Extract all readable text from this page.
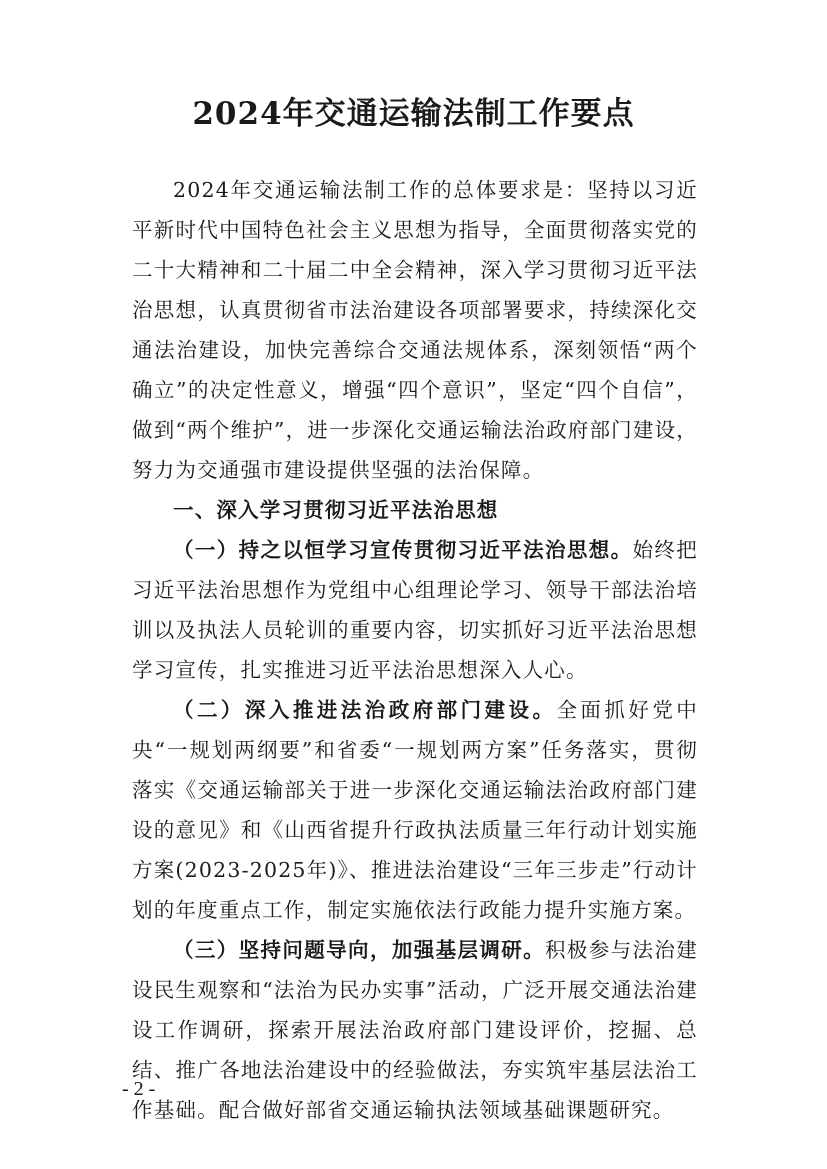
2024年交通运输法制工作要点

2024年交通运输法制工作的总体要求是：坚持以习近平新时代中国特色社会主义思想为指导，全面贯彻落实党的二十大精神和二十届二中全会精神，深入学习贯彻习近平法治思想，认真贯彻省市法治建设各项部署要求，持续深化交通法治建设，加快完善综合交通法规体系，深刻领悟“两个确立”的决定性意义，增强“四个意识”，坚定“四个自信”，做到“两个维护”，进一步深化交通运输法治政府部门建设，努力为交通强市建设提供坚强的法治保障。

一、深入学习贯彻习近平法治思想

（一）持之以恒学习宣传贯彻习近平法治思想。始终把习近平法治思想作为党组中心组理论学习、领导干部法治培训以及执法人员轮训的重要内容，切实抓好习近平法治思想学习宣传，扎实推进习近平法治思想深入人心。

（二）深入推进法治政府部门建设。全面抓好党中央“一规划两纲要”和省委“一规划两方案”任务落实，贯彻落实《交通运输部关于进一步深化交通运输法治政府部门建设的意见》和《山西省提升行政执法质量三年行动计划实施方案(2023-2025年)》、推进法治建设“三年三步走”行动计划的年度重点工作，制定实施依法行政能力提升实施方案。

（三）坚持问题导向，加强基层调研。积极参与法治建设民生观察和“法治为民办实事”活动，广泛开展交通法治建设工作调研，探索开展法治政府部门建设评价，挖掘、总结、推广各地法治建设中的经验做法，夯实筑牢基层法治工作基础。配合做好部省交通运输执法领域基础课题研究。

- 2 -
